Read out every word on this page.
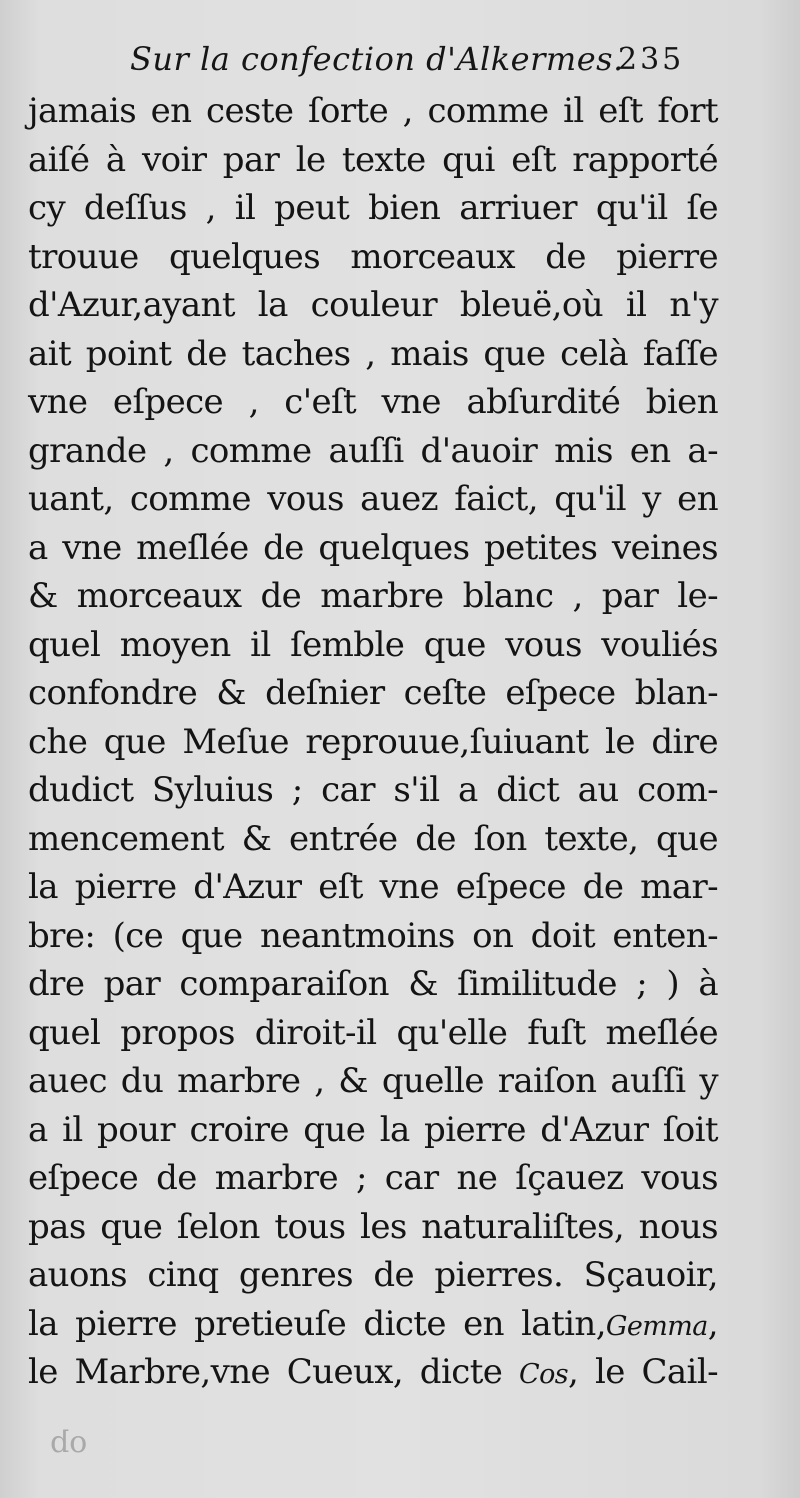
Sur la confection d'Alkermes.
235
jamais en ceste ſorte , comme il eſt fort
aiſé à voir par le texte qui eſt rapporté
cy deſſus , il peut bien arriuer qu'il ſe
trouue quelques morceaux de pierre
d'Azur,ayant la couleur bleuë,où il n'y
ait point de taches , mais que celà faſſe
vne eſpece , c'eſt vne abſurdité bien
grande , comme auſſi d'auoir mis en a-
uant, comme vous auez faict, qu'il y en
a vne meſlée de quelques petites veines
& morceaux de marbre blanc , par le-
quel moyen il ſemble que vous vouliés
confondre & deſnier ceſte eſpece blan-
che que Meſue reprouue,ſuiuant le dire
dudict Syluius ; car s'il a dict au com-
mencement & entrée de ſon texte, que
la pierre d'Azur eſt vne eſpece de mar-
bre: (ce que neantmoins on doit enten-
dre par comparaiſon & ſimilitude ; ) à
quel propos diroit-il qu'elle fuſt meſlée
auec du marbre , & quelle raiſon auſſi y
a il pour croire que la pierre d'Azur ſoit
eſpece de marbre ; car ne ſçauez vous
pas que ſelon tous les naturaliſtes, nous
auons cinq genres de pierres. Sçauoir,
la pierre pretieuſe dicte en latin,Gemma,
le Marbre,vne Cueux, dicte Cos, le Cail-
ob
